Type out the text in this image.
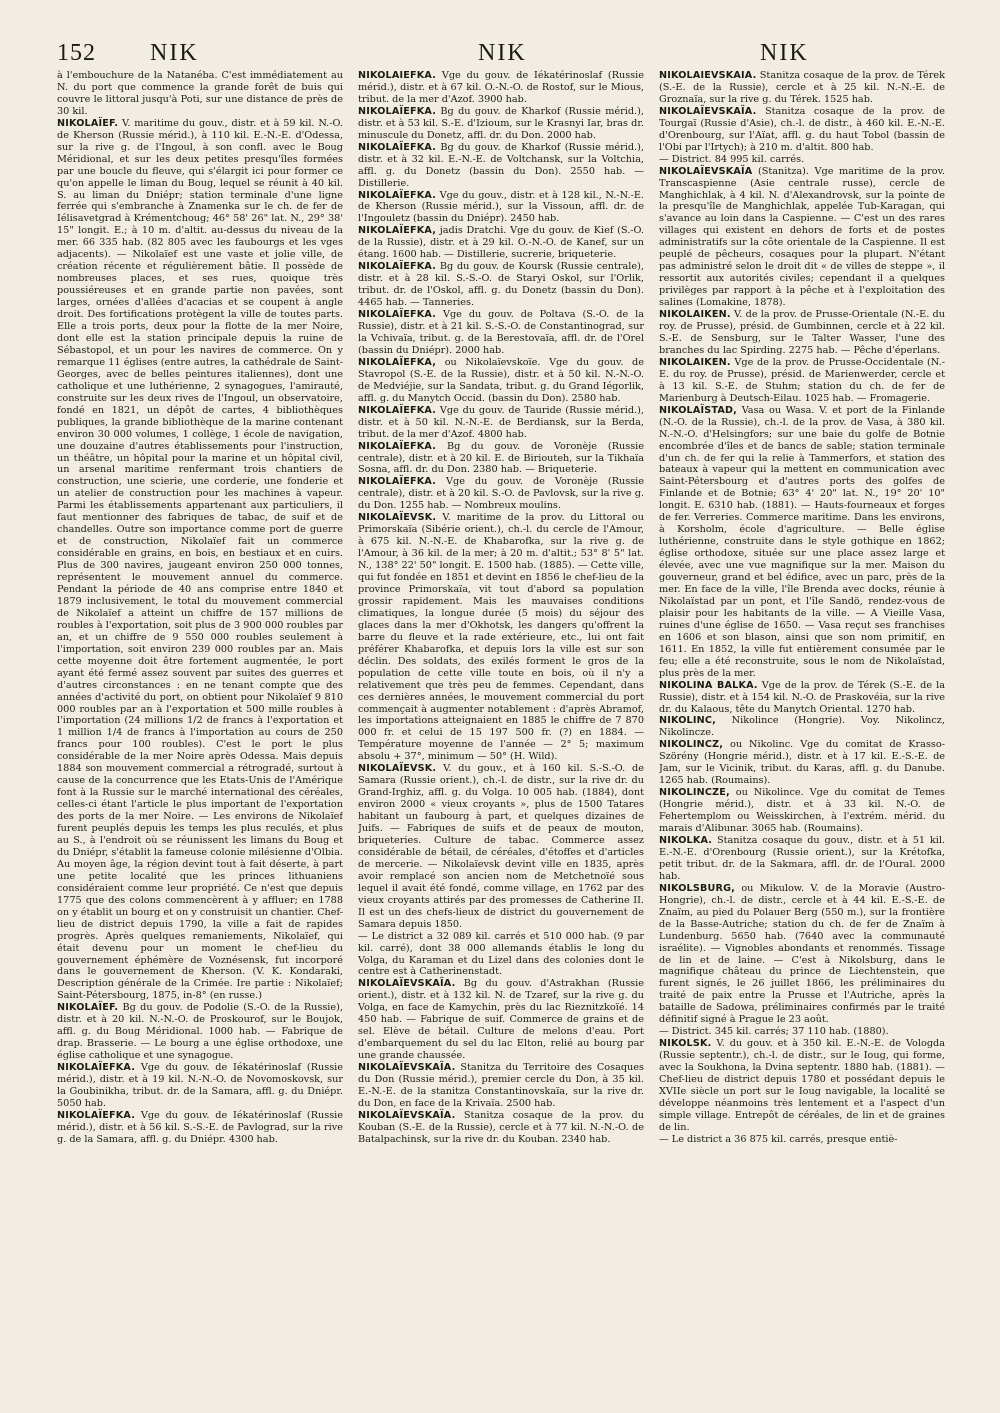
152 NIK	NIK	NIK

à l'embouchure de la Natanéba. C'est immédiatement au N. du port que commence la grande forêt de buis qui couvre le littoral jusqu'à Poti, sur une distance de près de 30 kil.

NIKOLAÏEF. V. maritime du gouv., distr. et à 59 kil. N.-O. de Kherson (Russie mérid.), à 110 kil. E.-N.-E. d'Odessa, sur la rive g. de l'Ingoul, à son confl. avec le Boug Méridional, et sur les deux petites presqu'îles formées par une boucle du fleuve, qui s'élargit ici pour former ce qu'on appelle le liman du Boug, lequel se réunit à 40 kil. S. au liman du Dniépr; station terminale d'une ligne ferrée qui s'embranche à Znamenka sur le ch. de fer de Iélisavetgrad à Krémentchoug; 46° 58' 26" lat. N., 29° 38' 15" longit. E.; à 10 m. d'altit. au-dessus du niveau de la mer. 66 335 hab. (82 805 avec les faubourgs et les vges adjacents). — Nikolaïef est une vaste et jolie ville, de création récente et régulièrement bâtie. Il possède de nombreuses places, et ses rues, quoique très poussiéreuses et en grande partie non pavées, sont larges, ornées d'allées d'acacias et se coupent à angle droit. Des fortifications protègent la ville de toutes parts. Elle a trois ports, deux pour la flotte de la mer Noire, dont elle est la station principale depuis la ruine de Sébastopol, et un pour les navires de commerce. On y remarque 11 églises (entre autres, la cathédrale de Saint-Georges, avec de belles peintures italiennes), dont une catholique et une luthérienne, 2 synagogues, l'amirauté, construite sur les deux rives de l'Ingoul, un observatoire, fondé en 1821, un dépôt de cartes, 4 bibliothèques publiques, la grande bibliothèque de la marine contenant environ 30 000 volumes, 1 collège, 1 école de navigation, une douzaine d'autres établissements pour l'instruction, un théâtre, un hôpital pour la marine et un hôpital civil, un arsenal maritime renfermant trois chantiers de construction, une scierie, une corderie, une fonderie et un atelier de construction pour les machines à vapeur. Parmi les établissements appartenant aux particuliers, il faut mentionner des fabriques de tabac, de suif et de chandelles. Outre son importance comme port de guerre et de construction, Nikolaïef fait un commerce considérable en grains, en bois, en bestiaux et en cuirs. Plus de 300 navires, jaugeant environ 250 000 tonnes, représentent le mouvement annuel du commerce. Pendant la période de 40 ans comprise entre 1840 et 1879 inclusivement, le total du mouvement commercial de Nikolaïef a atteint un chiffre de 157 millions de roubles à l'exportation, soit plus de 3 900 000 roubles par an, et un chiffre de 9 550 000 roubles seulement à l'importation, soit environ 239 000 roubles par an. Mais cette moyenne doit être fortement augmentée, le port ayant été fermé assez souvent par suites des guerres et d'autres circonstances : en ne tenant compte que des années d'activité du port, on obtient pour Nikolaïef 9 810 000 roubles par an à l'exportation et 500 mille roubles à l'importation (24 millions 1/2 de francs à l'exportation et 1 million 1/4 de francs à l'importation au cours de 250 francs pour 100 roubles). C'est le port le plus considérable de la mer Noire après Odessa. Mais depuis 1884 son mouvement commercial a rétrogradé, surtout à cause de la concurrence que les Etats-Unis de l'Amérique font à la Russie sur le marché international des céréales, celles-ci étant l'article le plus important de l'exportation des ports de la mer Noire. — Les environs de Nikolaïef furent peuplés depuis les temps les plus reculés, et plus au S., à l'endroit où se réunissent les limans du Boug et du Dniépr, s'établit la fameuse colonie milésienne d'Olbia. Au moyen âge, la région devint tout à fait déserte, à part une petite localité que les princes lithuaniens considéraient comme leur propriété. Ce n'est que depuis 1775 que des colons commencèrent à y affluer; en 1788 on y établit un bourg et on y construisit un chantier. Chef-lieu de district depuis 1790, la ville a fait de rapides progrès. Après quelques remaniements, Nikolaïef, qui était devenu pour un moment le chef-lieu du gouvernement éphémère de Voznésensk, fut incorporé dans le gouvernement de Kherson. (V. K. Kondaraki, Description générale de la Crimée. Ire partie : Nikolaïef; Saint-Pétersbourg, 1875, in-8° (en russe.)

NIKOLAÏEF. Bg du gouv. de Podolie (S.-O. de la Russie), distr. et à 20 kil. N.-N.-O. de Proskourof, sur le Boujok, affl. g. du Boug Méridional. 1000 hab. — Fabrique de drap. Brasserie. — Le bourg a une église orthodoxe, une église catholique et une synagogue.

NIKOLAÏEFKA. Vge du gouv. de Iékatérinoslaf (Russie mérid.), distr. et à 19 kil. N.-N.-O. de Novomoskovsk, sur la Goubinikha, tribut. dr. de la Samara, affl. g. du Dniépr. 5050 hab.

NIKOLAÏEFKA. Vge du gouv. de Iékatérinoslaf (Russie mérid.), distr. et à 56 kil. S.-S.-E. de Pavlograd, sur la rive g. de la Samara, affl. g. du Dniépr. 4300 hab.

NIKOLAÏEFKA. Vge du gouv. de Iékatérinoslaf (Russie mérid.), distr. et à 67 kil. O.-N.-O. de Rostof, sur le Mious, tribut. de la mer d'Azof. 3900 hab.

NIKOLAÏEFKA. Bg du gouv. de Kharkof (Russie mérid.), distr. et à 53 kil. S.-E. d'Izioum, sur le Krasnyi Iar, bras dr. minuscule du Donetz, affl. dr. du Don. 2000 hab.

NIKOLAÏEFKA. Bg du gouv. de Kharkof (Russie mérid.), distr. et à 32 kil. E.-N.-E. de Voltchansk, sur la Voltchia, affl. g. du Donetz (bassin du Don). 2550 hab. — Distillerie.

NIKOLAÏEFKA. Vge du gouv., distr. et à 128 kil., N.-N.-E. de Kherson (Russie mérid.), sur la Vissoun, affl. dr. de l'Ingouletz (bassin du Dniépr). 2450 hab.

NIKOLAÏEFKA, jadis Dratchi. Vge du gouv. de Kief (S.-O. de la Russie), distr. et à 29 kil. O.-N.-O. de Kanef, sur un étang. 1600 hab. — Distillerie, sucrerie, briqueterie.

NIKOLAÏEFKA. Bg du gouv. de Koursk (Russie centrale), distr. et à 28 kil. S.-S.-O. de Staryi Oskol, sur l'Orlik, tribut. dr. de l'Oskol, affl. g. du Donetz (bassin du Don). 4465 hab. — Tanneries.

NIKOLAÏEFKA. Vge du gouv. de Poltava (S.-O. de la Russie), distr. et à 21 kil. S.-S.-O. de Constantinograd, sur la Vchivaïa, tribut. g. de la Berestovaïa, affl. dr. de l'Orel (bassin du Dniépr). 2000 hab.

NIKOLAÏEFKA, ou Nikolaïevskoïe. Vge du gouv. de Stavropol (S.-E. de la Russie), distr. et à 50 kil. N.-N.-O. de Medviéjie, sur la Sandata, tribut. g. du Grand Iégorlik, affl. g. du Manytch Occid. (bassin du Don). 2580 hab.

NIKOLAÏEFKA. Vge du gouv. de Tauride (Russie mérid.), distr. et à 50 kil. N.-N.-E. de Berdiansk, sur la Berda, tribut. de la mer d'Azof. 4800 hab.

NIKOLAÏEFKA. Bg du gouv. de Voronèje (Russie centrale), distr. et à 20 kil. E. de Biriouteh, sur la Tikhaïa Sosna, affl. dr. du Don. 2380 hab. — Briqueterie.

NIKOLAÏEFKA. Vge du gouv. de Voronèje (Russie centrale), distr. et à 20 kil. S.-O. de Pavlovsk, sur la rive g. du Don. 1255 hab. — Nombreux moulins.

NIKOLAÏEVSK. V. maritime de la prov. du Littoral ou Primorskaïa (Sibérie orient.), ch.-l. du cercle de l'Amour, à 675 kil. N.-N.-E. de Khabarofka, sur la rive g. de l'Amour, à 36 kil. de la mer; à 20 m. d'altit.; 53° 8' 5" lat. N., 138° 22' 50" longit. E. 1500 hab. (1885). — Cette ville, qui fut fondée en 1851 et devint en 1856 le chef-lieu de la province Primorskaïa, vit tout d'abord sa population grossir rapidement. Mais les mauvaises conditions climatiques, la longue durée (5 mois) du séjour des glaces dans la mer d'Okhotsk, les dangers qu'offrent la barre du fleuve et la rade extérieure, etc., lui ont fait préférer Khabarofka, et depuis lors la ville est sur son déclin. Des soldats, des exilés forment le gros de la population de cette ville toute en bois, où il n'y a relativement que très peu de femmes. Cependant, dans ces dernières années, le mouvement commercial du port commençait à augmenter notablement : d'après Abramof, les importations atteignaient en 1885 le chiffre de 7 870 000 fr. et celui de 15 197 500 fr. (?) en 1884. — Température moyenne de l'année — 2° 5; maximum absolu + 37°, minimum — 50° (H. Wild).

NIKOLAÏEVSK. V. du gouv., et à 160 kil. S.-S.-O. de Samara (Russie orient.), ch.-l. de distr., sur la rive dr. du Grand-Irghiz, affl. g. du Volga. 10 005 hab. (1884), dont environ 2000 « vieux croyants », plus de 1500 Tatares habitant un faubourg à part, et quelques dizaines de Juifs. — Fabriques de suifs et de peaux de mouton, briqueteries. Culture de tabac. Commerce assez considérable de bétail, de céréales, d'étoffes et d'articles de mercerie. — Nikolaïevsk devint ville en 1835, après avoir remplacé son ancien nom de Metchetnoïé sous lequel il avait été fondé, comme village, en 1762 par des vieux croyants attirés par des promesses de Catherine II. Il est un des chefs-lieux de district du gouvernement de Samara depuis 1850.

— Le district a 32 089 kil. carrés et 510 000 hab. (9 par kil. carré), dont 38 000 allemands établis le long du Volga, du Karaman et du Lizel dans des colonies dont le centre est à Catherinenstadt.

NIKOLAÏEVSKAÏA. Bg du gouv. d'Astrakhan (Russie orient.), distr. et à 132 kil. N. de Tzaref, sur la rive g. du Volga, en face de Kamychin, près du lac Rieznitzkoïé. 14 450 hab. — Fabrique de suif. Commerce de grains et de sel. Elève de bétail. Culture de melons d'eau. Port d'embarquement du sel du lac Elton, relié au bourg par une grande chaussée.

NIKOLAÏEVSKAÏA. Stanitza du Territoire des Cosaques du Don (Russie mérid.), premier cercle du Don, à 35 kil. E.-N.-E. de la stanitza Constantinovskaïa, sur la rive dr. du Don, en face de la Krivaïa. 2500 hab.

NIKOLAÏEVSKAÏA. Stanitza cosaque de la prov. du Kouban (S.-E. de la Russie), cercle et à 77 kil. N.-N.-O. de Batalpachinsk, sur la rive dr. du Kouban. 2340 hab.

NIKOLAÏEVSKAÏA. Stanitza cosaque de la prov. de Térek (S.-E. de la Russie), cercle et à 25 kil. N.-N.-E. de Groznaïa, sur la rive g. du Térek. 1525 hab.

NIKOLAÏEVSKAÏA. Stanitza cosaque de la prov. de Tourgaï (Russie d'Asie), ch.-l. de distr., à 460 kil. E.-N.-E. d'Orenbourg, sur l'Aïat, affl. g. du haut Tobol (bassin de l'Obi par l'Irtych); à 210 m. d'altit. 800 hab.

— District. 84 995 kil. carrés.

NIKOLAÏEVSKAÏA (Stanitza). Vge maritime de la prov. Transcaspienne (Asie centrale russe), cercle de Manghichlak, à 4 kil. N. d'Alexandrovsk, sur la pointe de la presqu'île de Manghichlak, appelée Tub-Karagan, qui s'avance au loin dans la Caspienne. — C'est un des rares villages qui existent en dehors de forts et de postes administratifs sur la côte orientale de la Caspienne. Il est peuplé de pêcheurs, cosaques pour la plupart. N'étant pas administré selon le droit dit « de villes de steppe », il ressortit aux autorités civiles; cependant il a quelques privilèges par rapport à la pêche et à l'exploitation des salines (Lomakine, 1878).

NIKOLAIKEN. V. de la prov. de Prusse-Orientale (N.-E. du roy. de Prusse), présid. de Gumbinnen, cercle et à 22 kil. S.-E. de Sensburg, sur le Talter Wasser, l'une des branches du lac Spirding. 2275 hab. — Pêche d'éperlans.

NIKOLAIKEN. Vge de la prov. de Prusse-Occidentale (N.-E. du roy. de Prusse), présid. de Marienwerder, cercle et à 13 kil. S.-E. de Stuhm; station du ch. de fer de Marienburg à Deutsch-Eilau. 1025 hab. — Fromagerie.

NIKOLAÏSTAD, Vasa ou Wasa. V. et port de la Finlande (N.-O. de la Russie), ch.-l. de la prov. de Vasa, à 380 kil. N.-N.-O. d'Helsingfors; sur une baie du golfe de Botnie encombrée d'îles et de bancs de sable; station terminale d'un ch. de fer qui la relie à Tammerfors, et station des bateaux à vapeur qui la mettent en communication avec Saint-Pétersbourg et d'autres ports des golfes de Finlande et de Botnie; 63° 4' 20" lat. N., 19° 20' 10" longit. E. 6310 hab. (1881). — Hauts-fourneaux et forges de fer. Verreries. Commerce maritime. Dans les environs, à Korsholm, école d'agriculture. — Belle église luthérienne, construite dans le style gothique en 1862; église orthodoxe, située sur une place assez large et élevée, avec une vue magnifique sur la mer. Maison du gouverneur, grand et bel édifice, avec un parc, près de la mer. En face de la ville, l'île Brenda avec docks, réunie à Nikolaïstad par un pont, et l'île Sandö, rendez-vous de plaisir pour les habitants de la ville. — A Vieille Vasa, ruines d'une église de 1650. — Vasa reçut ses franchises en 1606 et son blason, ainsi que son nom primitif, en 1611. En 1852, la ville fut entièrement consumée par le feu; elle a été reconstruite, sous le nom de Nikolaïstad, plus près de la mer.

NIKOLINA BALKA. Vge de la prov. de Térek (S.-E. de la Russie), distr. et à 154 kil. N.-O. de Praskovéia, sur la rive dr. du Kalaous, tête du Manytch Oriental. 1270 hab.

NIKOLINC, Nikolince (Hongrie). Voy. Nikolincz, Nikolincze.

NIKOLINCZ, ou Nikolinc. Vge du comitat de Krasso-Szörény (Hongrie mérid.), distr. et à 17 kil. E.-S.-E. de Jam, sur le Vicinik, tribut. du Karas, affl. g. du Danube. 1265 hab. (Roumains).

NIKOLINCZE, ou Nikolince. Vge du comitat de Temes (Hongrie mérid.), distr. et à 33 kil. N.-O. de Fehertemplom ou Weisskirchen, à l'extrém. mérid. du marais d'Alibunar. 3065 hab. (Roumains).

NIKOLKA. Stanitza cosaque du gouv., distr. et à 51 kil. E.-N.-E. d'Orenbourg (Russie orient.), sur la Krétofka, petit tribut. dr. de la Sakmara, affl. dr. de l'Oural. 2000 hab.

NIKOLSBURG, ou Mikulow. V. de la Moravie (Austro-Hongrie), ch.-l. de distr., cercle et à 44 kil. E.-S.-E. de Znaïm, au pied du Polauer Berg (550 m.), sur la frontière de la Basse-Autriche; station du ch. de fer de Znaïm à Lundenburg. 5650 hab. (7640 avec la communauté israélite). — Vignobles abondants et renommés. Tissage de lin et de laine. — C'est à Nikolsburg, dans le magnifique château du prince de Liechtenstein, que furent signés, le 26 juillet 1866, les préliminaires du traité de paix entre la Prusse et l'Autriche, après la bataille de Sadowa, préliminaires confirmés par le traité définitif signé à Prague le 23 août.

— District. 345 kil. carrés; 37 110 hab. (1880).

NIKOLSK. V. du gouv. et à 350 kil. E.-N.-E. de Vologda (Russie septentr.), ch.-l. de distr., sur le Ioug, qui forme, avec la Soukhona, la Dvina septentr. 1880 hab. (1881). — Chef-lieu de district depuis 1780 et possédant depuis le XVIIe siècle un port sur le Ioug navigable, la localité se développe néanmoins très lentement et a l'aspect d'un simple village. Entrepôt de céréales, de lin et de graines de lin.

— Le district a 36 875 kil. carrés, presque entiè-
